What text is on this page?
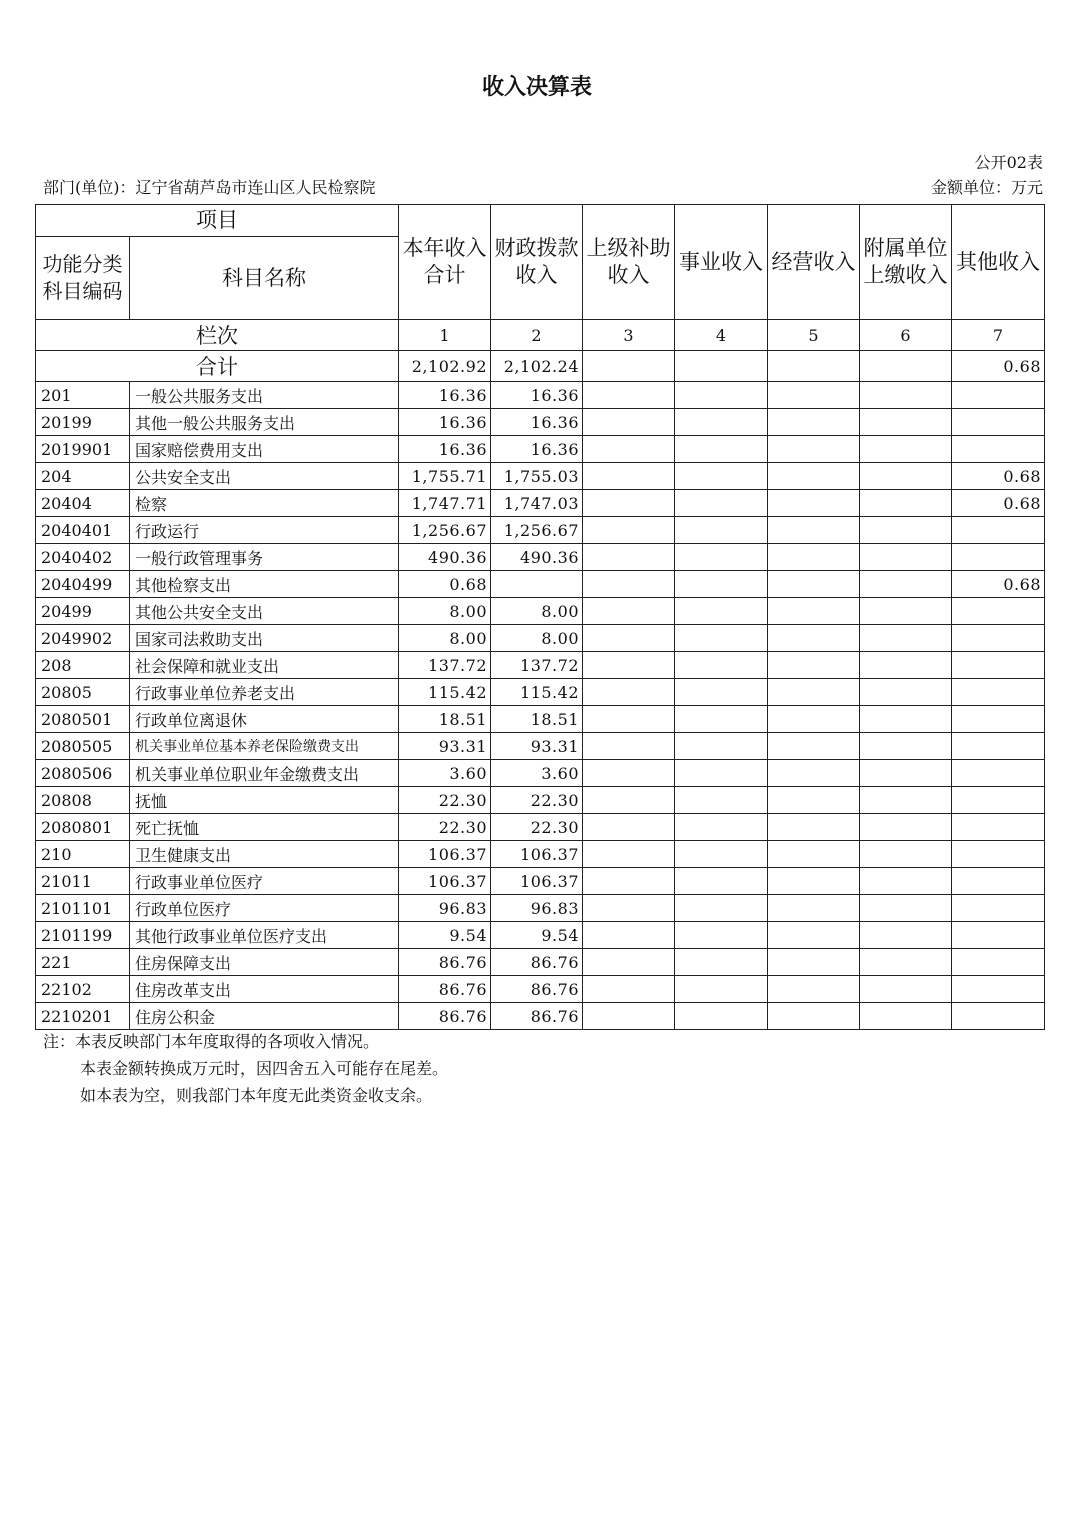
收入决算表
公开02表
部门(单位)：辽宁省葫芦岛市连山区人民检察院	金额单位：万元
项目		本年收入合计	财政拨款收入	上级补助收入	事业收入	经营收入	附属单位上缴收入	其他收入
功能分类科目编码	科目名称							
栏次		1	2	3	4	5	6	7
合计		2,102.92	2,102.24					0.68
201	一般公共服务支出	16.36	16.36					
20199	其他一般公共服务支出	16.36	16.36					
2019901	国家赔偿费用支出	16.36	16.36					
204	公共安全支出	1,755.71	1,755.03					0.68
20404	检察	1,747.71	1,747.03					0.68
2040401	行政运行	1,256.67	1,256.67					
2040402	一般行政管理事务	490.36	490.36					
2040499	其他检察支出	0.68						0.68
20499	其他公共安全支出	8.00	8.00					
2049902	国家司法救助支出	8.00	8.00					
208	社会保障和就业支出	137.72	137.72					
20805	行政事业单位养老支出	115.42	115.42					
2080501	行政单位离退休	18.51	18.51					
2080505	机关事业单位基本养老保险缴费支出	93.31	93.31					
2080506	机关事业单位职业年金缴费支出	3.60	3.60					
20808	抚恤	22.30	22.30					
2080801	死亡抚恤	22.30	22.30					
210	卫生健康支出	106.37	106.37					
21011	行政事业单位医疗	106.37	106.37					
2101101	行政单位医疗	96.83	96.83					
2101199	其他行政事业单位医疗支出	9.54	9.54					
221	住房保障支出	86.76	86.76					
22102	住房改革支出	86.76	86.76					
2210201	住房公积金	86.76	86.76					
注：本表反映部门本年度取得的各项收入情况。
本表金额转换成万元时，因四舍五入可能存在尾差。
如本表为空，则我部门本年度无此类资金收支余。
